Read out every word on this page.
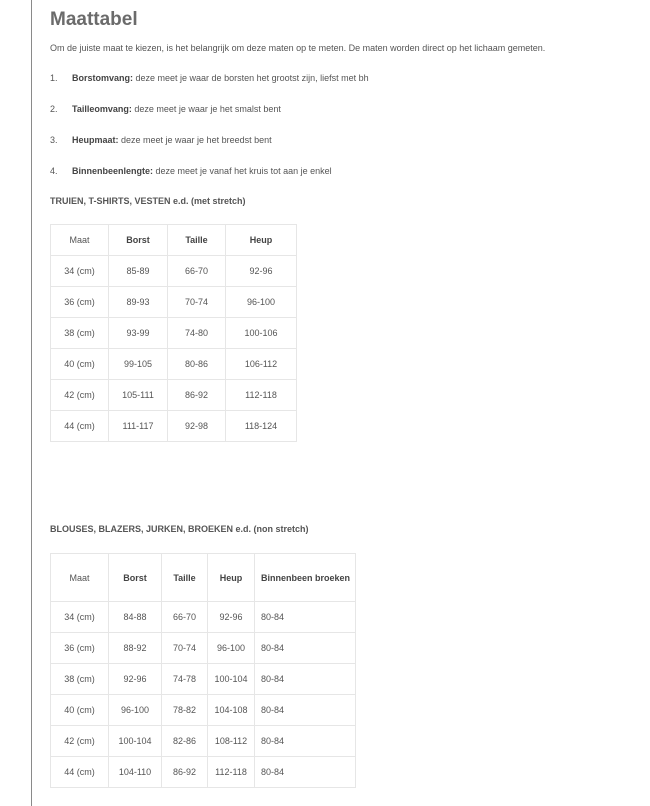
Maattabel
Om de juiste maat te kiezen, is het belangrijk om deze maten op te meten. De maten worden direct op het lichaam gemeten.
1. Borstomvang: deze meet je waar de borsten het grootst zijn, liefst met bh
2. Tailleomvang: deze meet je waar je het smalst bent
3. Heupmaat: deze meet je waar je het breedst bent
4. Binnenbeenlengte: deze meet je vanaf het kruis tot aan je enkel
TRUIEN, T-SHIRTS, VESTEN e.d. (met stretch)
Maat	Borst	Taille	Heup
34 (cm)	85-89	66-70	92-96
36 (cm)	89-93	70-74	96-100
38 (cm)	93-99	74-80	100-106
40 (cm)	99-105	80-86	106-112
42 (cm)	105-111	86-92	112-118
44 (cm)	111-117	92-98	118-124
BLOUSES, BLAZERS, JURKEN, BROEKEN e.d. (non stretch)
Maat	Borst	Taille	Heup	Binnenbeen broeken
34 (cm)	84-88	66-70	92-96	80-84
36 (cm)	88-92	70-74	96-100	80-84
38 (cm)	92-96	74-78	100-104	80-84
40 (cm)	96-100	78-82	104-108	80-84
42 (cm)	100-104	82-86	108-112	80-84
44 (cm)	104-110	86-92	112-118	80-84
